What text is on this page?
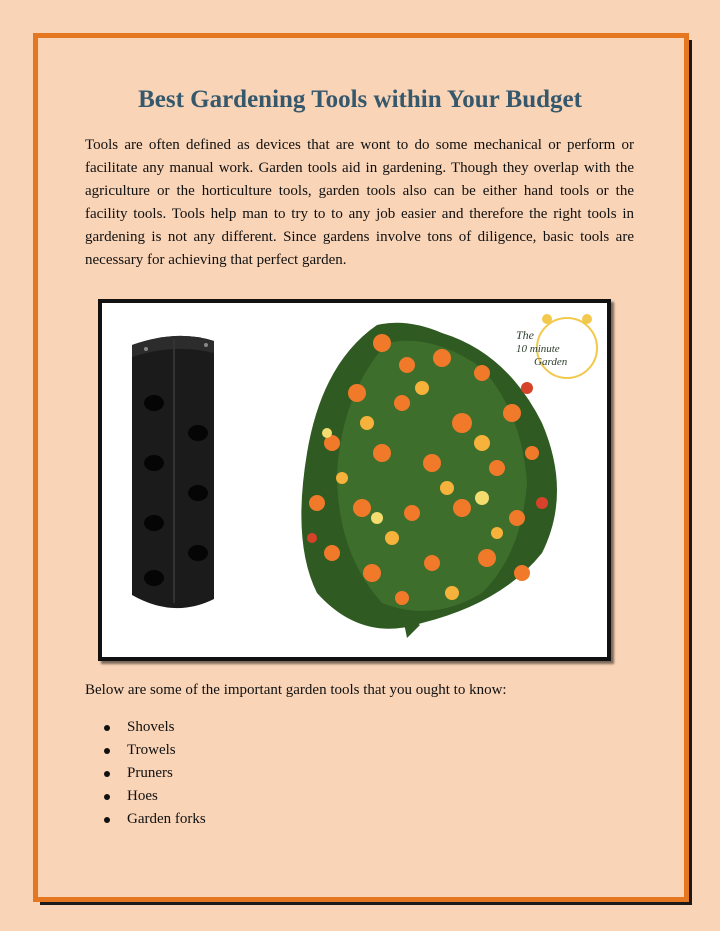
Best Gardening Tools within Your Budget

Tools are often defined as devices that are wont to do some mechanical or perform or facilitate any manual work. Garden tools aid in gardening. Though they overlap with the agriculture or the horticulture tools, garden tools also can be either hand tools or the facility tools. Tools help man to try to to any job easier and therefore the right tools in gardening is not any different. Since gardens involve tons of diligence, basic tools are necessary for achieving that perfect garden.

The
10 minute
Garden
Below are some of the important garden tools that you ought to know:
Shovels
Trowels
Pruners
Hoes
Garden forks
